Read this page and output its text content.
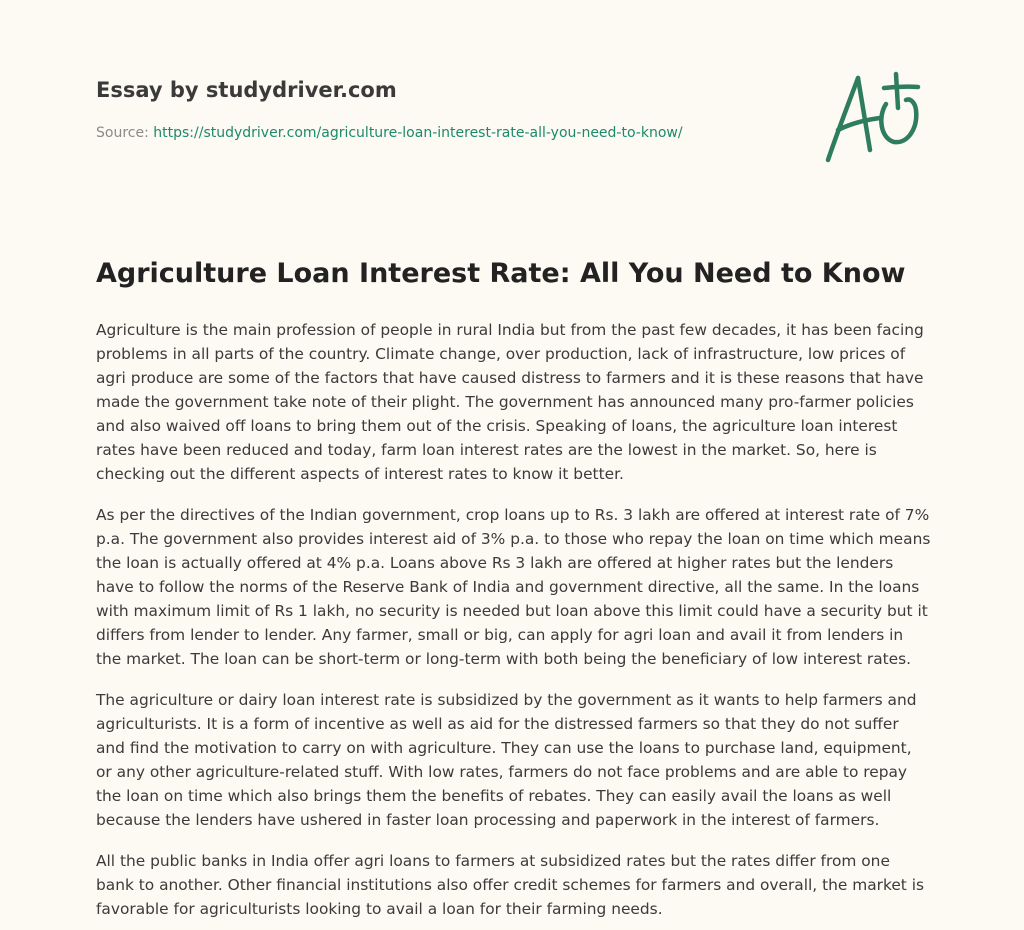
Essay by studydriver.com
Source: https://studydriver.com/agriculture-loan-interest-rate-all-you-need-to-know/
Agriculture Loan Interest Rate: All You Need to Know

Agriculture is the main profession of people in rural India but from the past few decades, it has been facing problems in all parts of the country. Climate change, over production, lack of infrastructure, low prices of agri produce are some of the factors that have caused distress to farmers and it is these reasons that have made the government take note of their plight. The government has announced many pro-farmer policies and also waived off loans to bring them out of the crisis. Speaking of loans, the agriculture loan interest rates have been reduced and today, farm loan interest rates are the lowest in the market. So, here is checking out the different aspects of interest rates to know it better.

As per the directives of the Indian government, crop loans up to Rs. 3 lakh are offered at interest rate of 7% p.a. The government also provides interest aid of 3% p.a. to those who repay the loan on time which means the loan is actually offered at 4% p.a. Loans above Rs 3 lakh are offered at higher rates but the lenders have to follow the norms of the Reserve Bank of India and government directive, all the same. In the loans with maximum limit of Rs 1 lakh, no security is needed but loan above this limit could have a security but it differs from lender to lender. Any farmer, small or big, can apply for agri loan and avail it from lenders in the market. The loan can be short-term or long-term with both being the beneficiary of low interest rates.

The agriculture or dairy loan interest rate is subsidized by the government as it wants to help farmers and agriculturists. It is a form of incentive as well as aid for the distressed farmers so that they do not suffer and find the motivation to carry on with agriculture. They can use the loans to purchase land, equipment, or any other agriculture-related stuff. With low rates, farmers do not face problems and are able to repay the loan on time which also brings them the benefits of rebates. They can easily avail the loans as well because the lenders have ushered in faster loan processing and paperwork in the interest of farmers.

All the public banks in India offer agri loans to farmers at subsidized rates but the rates differ from one bank to another. Other financial institutions also offer credit schemes for farmers and overall, the market is favorable for agriculturists looking to avail a loan for their farming needs.
